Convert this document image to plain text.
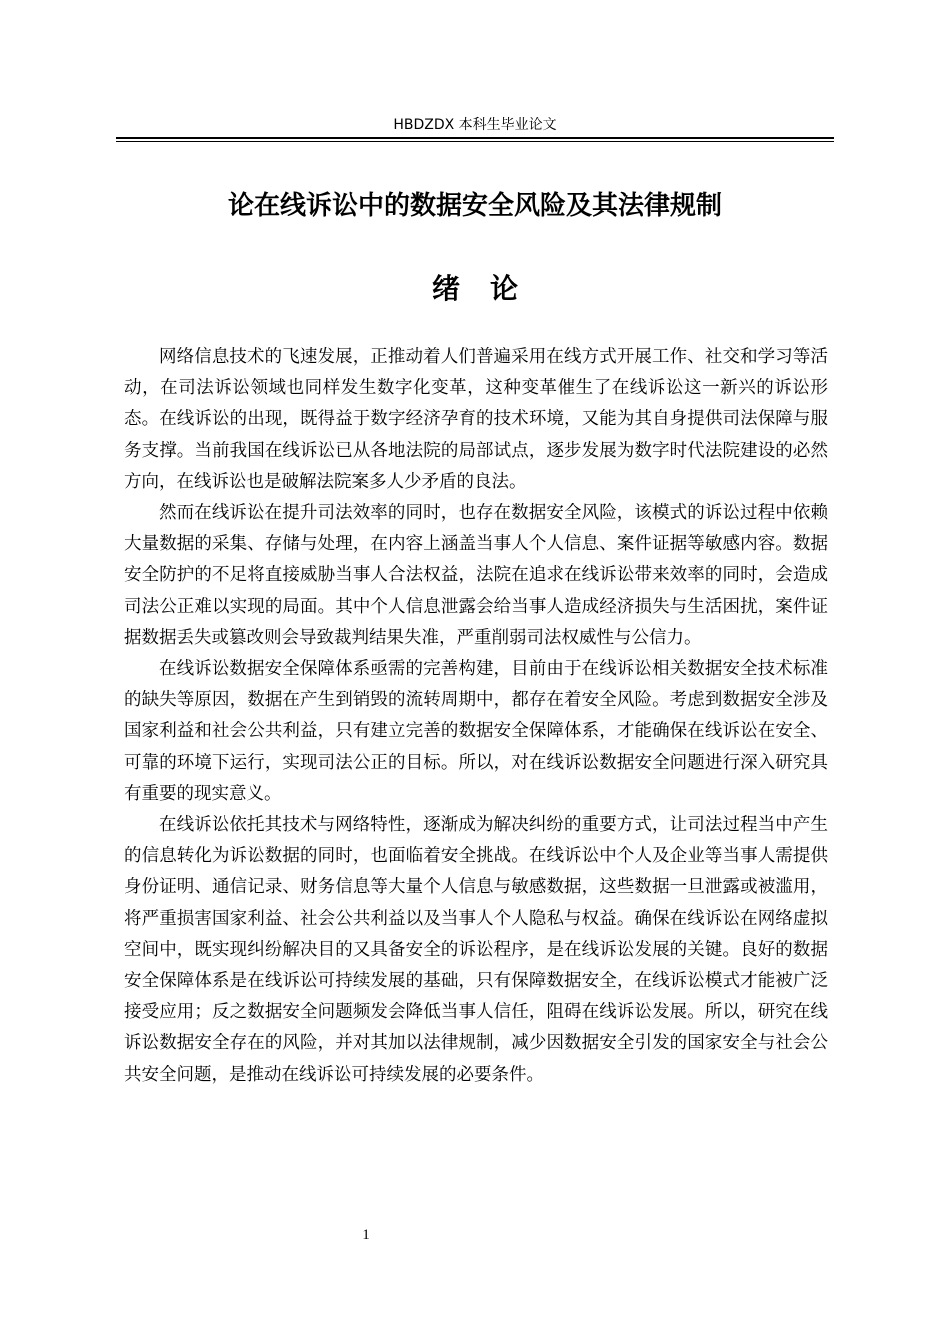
HBDZDX 本科生毕业论文
论在线诉讼中的数据安全风险及其法律规制
绪论

网络信息技术的飞速发展，正推动着人们普遍采用在线方式开展工作、社交和学习等活动，在司法诉讼领域也同样发生数字化变革，这种变革催生了在线诉讼这一新兴的诉讼形态。在线诉讼的出现，既得益于数字经济孕育的技术环境，又能为其自身提供司法保障与服务支撑。当前我国在线诉讼已从各地法院的局部试点，逐步发展为数字时代法院建设的必然方向，在线诉讼也是破解法院案多人少矛盾的良法。

然而在线诉讼在提升司法效率的同时，也存在数据安全风险，该模式的诉讼过程中依赖大量数据的采集、存储与处理，在内容上涵盖当事人个人信息、案件证据等敏感内容。数据安全防护的不足将直接威胁当事人合法权益，法院在追求在线诉讼带来效率的同时，会造成司法公正难以实现的局面。其中个人信息泄露会给当事人造成经济损失与生活困扰，案件证据数据丢失或篡改则会导致裁判结果失准，严重削弱司法权威性与公信力。

在线诉讼数据安全保障体系亟需的完善构建，目前由于在线诉讼相关数据安全技术标准的缺失等原因，数据在产生到销毁的流转周期中，都存在着安全风险。考虑到数据安全涉及国家利益和社会公共利益，只有建立完善的数据安全保障体系，才能确保在线诉讼在安全、可靠的环境下运行，实现司法公正的目标。所以，对在线诉讼数据安全问题进行深入研究具有重要的现实意义。

在线诉讼依托其技术与网络特性，逐渐成为解决纠纷的重要方式，让司法过程当中产生的信息转化为诉讼数据的同时，也面临着安全挑战。在线诉讼中个人及企业等当事人需提供身份证明、通信记录、财务信息等大量个人信息与敏感数据，这些数据一旦泄露或被滥用，将严重损害国家利益、社会公共利益以及当事人个人隐私与权益。确保在线诉讼在网络虚拟空间中，既实现纠纷解决目的又具备安全的诉讼程序，是在线诉讼发展的关键。良好的数据安全保障体系是在线诉讼可持续发展的基础，只有保障数据安全，在线诉讼模式才能被广泛接受应用；反之数据安全问题频发会降低当事人信任，阻碍在线诉讼发展。所以，研究在线诉讼数据安全存在的风险，并对其加以法律规制，减少因数据安全引发的国家安全与社会公共安全问题，是推动在线诉讼可持续发展的必要条件。

1
